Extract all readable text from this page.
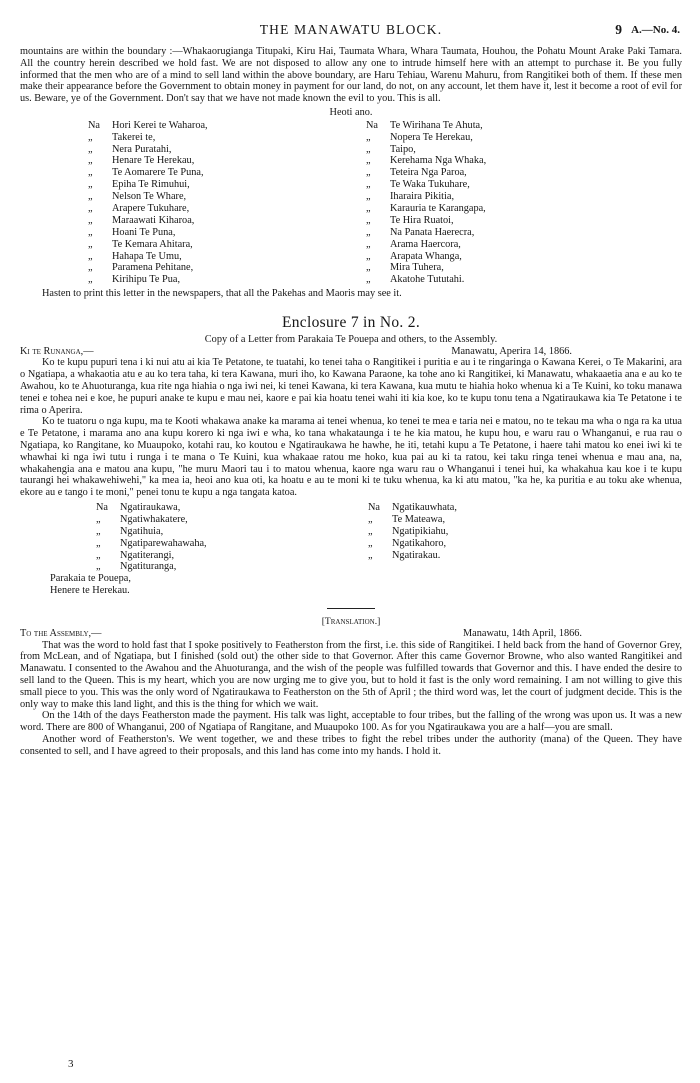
THE MANAWATU BLOCK.	9 A.—No. 4.

mountains are within the boundary :—Whakaorugianga Titupaki, Kiru Hai, Taumata Whara, Whara Taumata, Houhou, the Pohatu Mount Arake Paki Tamara. All the country herein described we hold fast. We are not disposed to allow any one to intrude himself here with an attempt to purchase it. Be you fully informed that the men who are of a mind to sell land within the above boundary, are Haru Tehiau, Warenu Mahuru, from Rangitikei both of them. If these men make their appearance before the Government to obtain money in payment for our land, do not, on any account, let them have it, lest it become a root of evil for us. Beware, ye of the Government. Don't say that we have not made known the evil to you. This is all.

Heoti ano.

Na	Hori Kerei te Waharoa,
„	Takerei te,
„	Nera Puratahi,
„	Henare Te Herekau,
„	Te Aomarere Te Puna,
„	Epiha Te Rimuhui,
„	Nelson Te Whare,
„	Arapere Tukuhare,
„	Maraawati Kiharoa,
„	Hoani Te Puna,
„	Te Kemara Ahitara,
„	Hahapa Te Umu,
„	Paramena Pehitane,
„	Kirihipu Te Pua,
Na	Te Wirihana Te Ahuta,
„	Nopera Te Herekau,
„	Taipo,
„	Kerehama Nga Whaka,
„	Teteira Nga Paroa,
„	Te Waka Tukuhare,
„	Iharaira Pikitia,
„	Karauria te Karangapa,
„	Te Hira Ruatoi,
„	Na Panata Haerecra,
„	Arama Haercora,
„	Arapata Whanga,
„	Mira Tuhera,
„	Akatohe Tututahi.

Hasten to print this letter in the newspapers, that all the Pakehas and Maoris may see it.

Enclosure 7 in No. 2.

Copy of a Letter from Parakaia Te Pouepa and others, to the Assembly.

Ki te Runanga,—	Manawatu, Aperira 14, 1866.

Ko te kupu pupuri tena i ki nui atu ai kia Te Petatone, te tuatahi, ko tenei taha o Rangitikei i puritia e au i te ringaringa o Kawana Kerei, o Te Makarini, ara o Ngatiapa, a whakaotia atu e au ko tera taha, ki tera Kawana, muri iho, ko Kawana Paraone, ka tohe ano ki Rangitikei, ki Manawatu, whakaaetia ana e au ko te Awahou, ko te Ahuoturanga, kua rite nga hiahia o nga iwi nei, ki tenei Kawana, ki tera Kawana, kua mutu te hiahia hoko whenua ki a Te Kuini, ko toku manawa tenei e tohea nei e koe, he pupuri anake te kupu e mau nei, kaore e pai kia hoatu tenei wahi iti kia koe, ko te kupu tonu tena a Ngatiraukawa kia Te Petatone i te rima o Aperira.

Ko te tuatoru o nga kupu, ma te Kooti whakawa anake ka marama ai tenei whenua, ko tenei te mea e taria nei e matou, no te tekau ma wha o nga ra ka utua e Te Petatone, i marama ano ana kupu korero ki nga iwi e wha, ko tana whakataunga i te he kia matou, he kupu hou, e waru rau o Whanganui, e rua rau o Ngatiapa, ko Rangitane, ko Muaupoko, kotahi rau, ko koutou e Ngatiraukawa he hawhe, he iti, tetahi kupu a Te Petatone, i haere tahi matou ko enei iwi ki te whawhai ki nga iwi tutu i runga i te mana o Te Kuini, kua whakaae ratou me hoko, kua pai au ki ta ratou, kei taku ringa tenei whenua e mau ana, na, whakahengia ana e matou ana kupu, "he muru Maori tau i to matou whenua, kaore nga waru rau o Whanganui i tenei hui, ka whakahua kau koe i te kupu taurangi hei whakawehiwehi," ka mea ia, heoi ano kua oti, ka hoatu e au te moni ki te tuku whenua, ka ki atu matou, "ka he, ka puritia e au toku ake whenua, ekore au e tango i te moni," penei tonu te kupu a nga tangata katoa.

Na	Ngatiraukawa,
„	Ngatiwhakatere,
„	Ngatihuia,
„	Ngatiparewahawaha,
„	Ngatiterangi,
„	Ngatituranga,
Na	Ngatikauwhata,
„	Te Mateawa,
„	Ngatipikiahu,
„	Ngatikahoro,
„	Ngatirakau.
Parakaia te Pouepa,
Henere te Herekau.
[Translation.]
To the Assembly,—	Manawatu, 14th April, 1866.

That was the word to hold fast that I spoke positively to Featherston from the first, i.e. this side of Rangitikei. I held back from the hand of Governor Grey, from McLean, and of Ngatiapa, but I finished (sold out) the other side to that Governor. After this came Governor Browne, who also wanted Rangitikei and Manawatu. I consented to the Awahou and the Ahuoturanga, and the wish of the people was fulfilled towards that Governor and this. I have ended the desire to sell land to the Queen. This is my heart, which you are now urging me to give you, but to hold it fast is the only word remaining. I am not willing to give this small piece to you. This was the only word of Ngatiraukawa to Featherston on the 5th of April ; the third word was, let the court of judgment decide. This is the only way to make this land light, and this is the thing for which we wait.

On the 14th of the days Featherston made the payment. His talk was light, acceptable to four tribes, but the falling of the wrong was upon us. It was a new word. There are 800 of Whanganui, 200 of Ngatiapa of Rangitane, and Muaupoko 100. As for you Ngatiraukawa you are a half—you are small.

Another word of Featherston's. We went together, we and these tribes to fight the rebel tribes under the authority (mana) of the Queen. They have consented to sell, and I have agreed to their proposals, and this land has come into my hands. I hold it.

3
